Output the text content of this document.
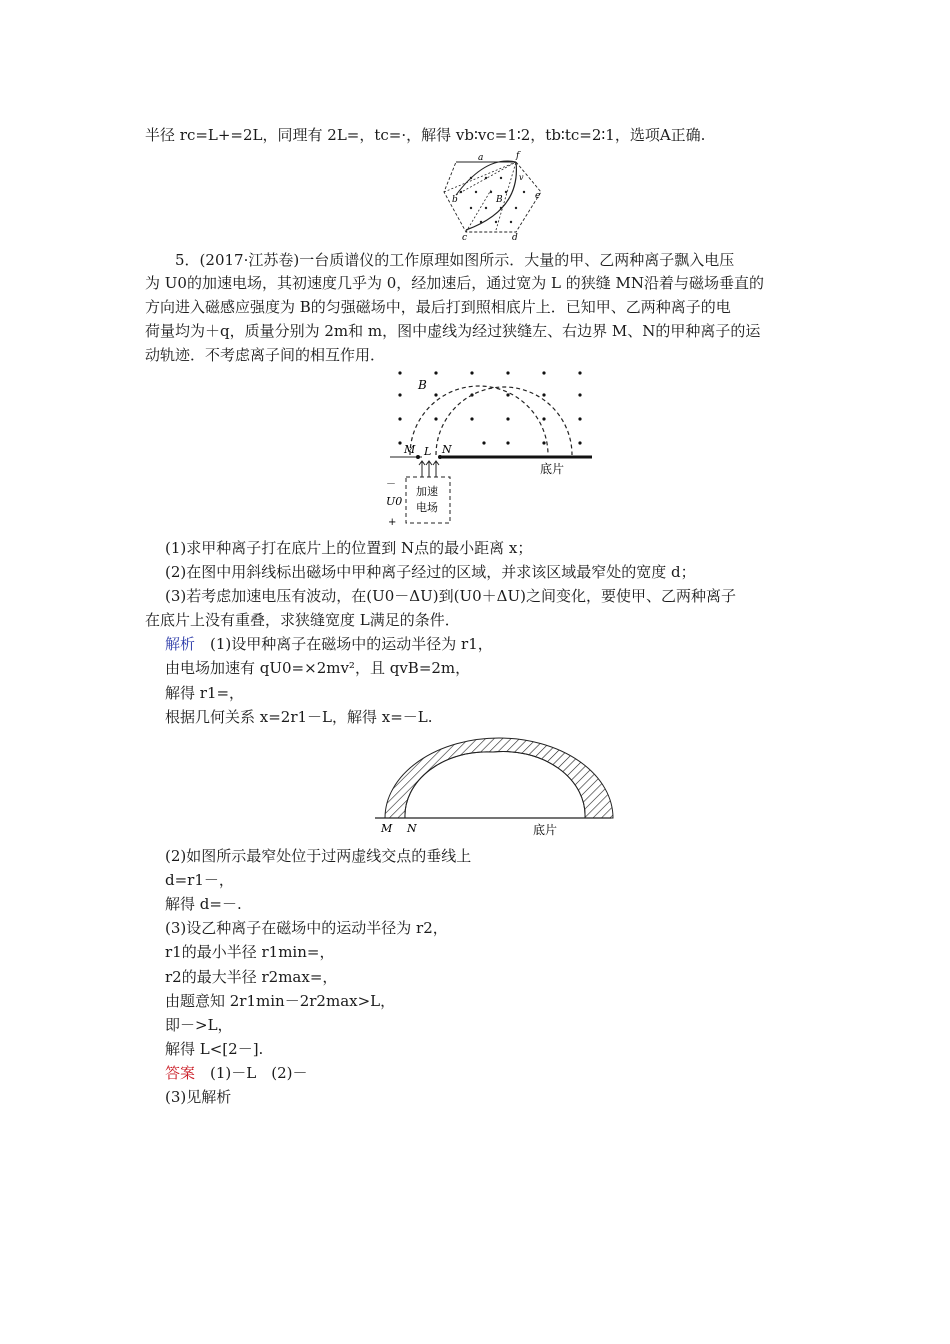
半径 rc=L+=2L，同理有 2L=，tc=·，解得 vb∶vc=1∶2，tb∶tc=2∶1，选项A正确.
a	f
b
c	d
e
B
v
5．(2017·江苏卷)一台质谱仪的工作原理如图所示．大量的甲、乙两种离子飘入电压
为 U0的加速电场，其初速度几乎为 0，经加速后，通过宽为 L 的狭缝 MN沿着与磁场垂直的
方向进入磁感应强度为 B的匀强磁场中，最后打到照相底片上．已知甲、乙两种离子的电
荷量均为＋q，质量分别为 2m和 m，图中虚线为经过狭缝左、右边界 M、N的甲种离子的运
动轨迹．不考虑离子间的相互作用．
B
M L N
底片
加速
电场
－
U0
+
(1)求甲种离子打在底片上的位置到 N点的最小距离 x；
(2)在图中用斜线标出磁场中甲种离子经过的区域，并求该区域最窄处的宽度 d；
(3)若考虑加速电压有波动，在(U0－ΔU)到(U0＋ΔU)之间变化，要使甲、乙两种离子
在底片上没有重叠，求狭缝宽度 L满足的条件．
解析　 (1)设甲种离子在磁场中的运动半径为 r1，
由电场加速有 qU0=×2mv²，且 qvB=2m，
解得 r1=，
根据几何关系 x=2r1－L，解得 x=－L.
M N	底片
(2)如图所示最窄处位于过两虚线交点的垂线上
d=r1－，
解得 d=－.
(3)设乙种离子在磁场中的运动半径为 r2，
r1的最小半径 r1min=，
r2的最大半径 r2max=，
由题意知 2r1min－2r2max>L，
即－>L，
解得 L<[2－].
答案　 (1)－L　(2)－
(3)见解析
